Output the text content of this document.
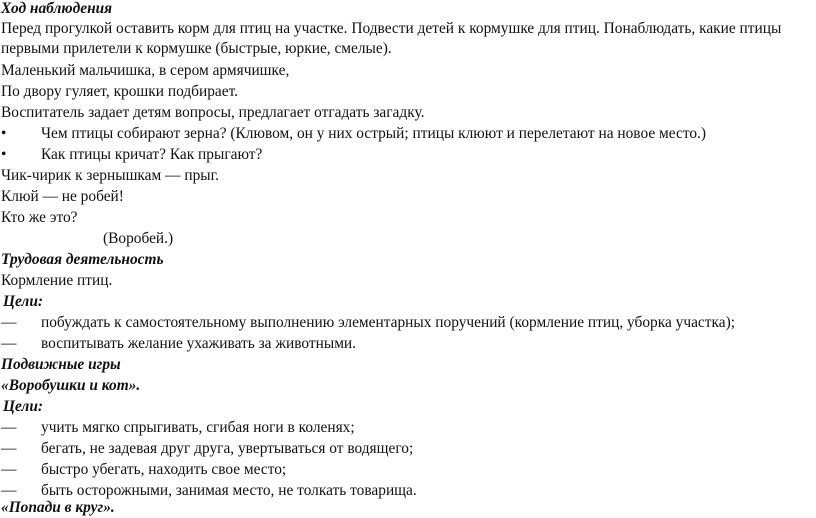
Ход наблюдения
Перед прогулкой оставить корм для птиц на участке. Подвести детей к кормушке для птиц. Понаблюдать, какие птицы первыми прилетели к кормушке (быстрые, юркие, смелые).
Маленький мальчишка, в сером армячишке,
По двору гуляет, крошки подбирает.
Воспитатель задает детям вопросы, предлагает отгадать загадку.
• Чем птицы собирают зерна? (Клювом, он у них острый; птицы клюют и перелетают на новое место.)
• Как птицы кричат? Как прыгают?
Чик-чирик к зернышкам — прыг.
Клюй — не робей!
Кто же это?
(Воробей.)
Трудовая деятельность
Кормление птиц.
Цели:
— побуждать к самостоятельному выполнению элементарных поручений (кормление птиц, уборка участка);
— воспитывать желание ухаживать за животными.
Подвижные игры
«Воробушки и кот».
Цели:
— учить мягко спрыгивать, сгибая ноги в коленях;
— бегать, не задевая друг друга, увертываться от водящего;
— быстро убегать, находить свое место;
— быть осторожными, занимая место, не толкать товарища.
«Попади в круг».
